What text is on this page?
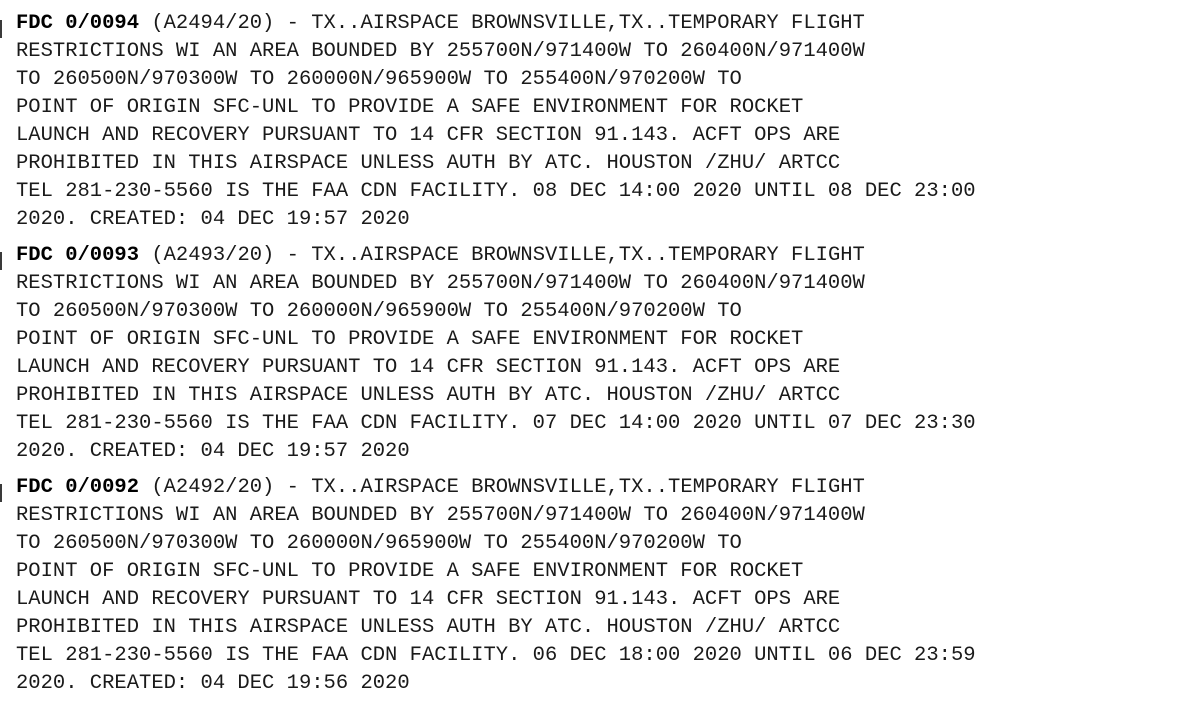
FDC 0/0094 (A2494/20) - TX..AIRSPACE BROWNSVILLE,TX..TEMPORARY FLIGHT
RESTRICTIONS WI AN AREA BOUNDED BY 255700N/971400W TO 260400N/971400W
TO 260500N/970300W TO 260000N/965900W TO 255400N/970200W TO
POINT OF ORIGIN SFC-UNL TO PROVIDE A SAFE ENVIRONMENT FOR ROCKET
LAUNCH AND RECOVERY PURSUANT TO 14 CFR SECTION 91.143. ACFT OPS ARE
PROHIBITED IN THIS AIRSPACE UNLESS AUTH BY ATC. HOUSTON /ZHU/ ARTCC
TEL 281-230-5560 IS THE FAA CDN FACILITY. 08 DEC 14:00 2020 UNTIL 08 DEC 23:00
2020. CREATED: 04 DEC 19:57 2020
FDC 0/0093 (A2493/20) - TX..AIRSPACE BROWNSVILLE,TX..TEMPORARY FLIGHT
RESTRICTIONS WI AN AREA BOUNDED BY 255700N/971400W TO 260400N/971400W
TO 260500N/970300W TO 260000N/965900W TO 255400N/970200W TO
POINT OF ORIGIN SFC-UNL TO PROVIDE A SAFE ENVIRONMENT FOR ROCKET
LAUNCH AND RECOVERY PURSUANT TO 14 CFR SECTION 91.143. ACFT OPS ARE
PROHIBITED IN THIS AIRSPACE UNLESS AUTH BY ATC. HOUSTON /ZHU/ ARTCC
TEL 281-230-5560 IS THE FAA CDN FACILITY. 07 DEC 14:00 2020 UNTIL 07 DEC 23:30
2020. CREATED: 04 DEC 19:57 2020
FDC 0/0092 (A2492/20) - TX..AIRSPACE BROWNSVILLE,TX..TEMPORARY FLIGHT
RESTRICTIONS WI AN AREA BOUNDED BY 255700N/971400W TO 260400N/971400W
TO 260500N/970300W TO 260000N/965900W TO 255400N/970200W TO
POINT OF ORIGIN SFC-UNL TO PROVIDE A SAFE ENVIRONMENT FOR ROCKET
LAUNCH AND RECOVERY PURSUANT TO 14 CFR SECTION 91.143. ACFT OPS ARE
PROHIBITED IN THIS AIRSPACE UNLESS AUTH BY ATC. HOUSTON /ZHU/ ARTCC
TEL 281-230-5560 IS THE FAA CDN FACILITY. 06 DEC 18:00 2020 UNTIL 06 DEC 23:59
2020. CREATED: 04 DEC 19:56 2020
